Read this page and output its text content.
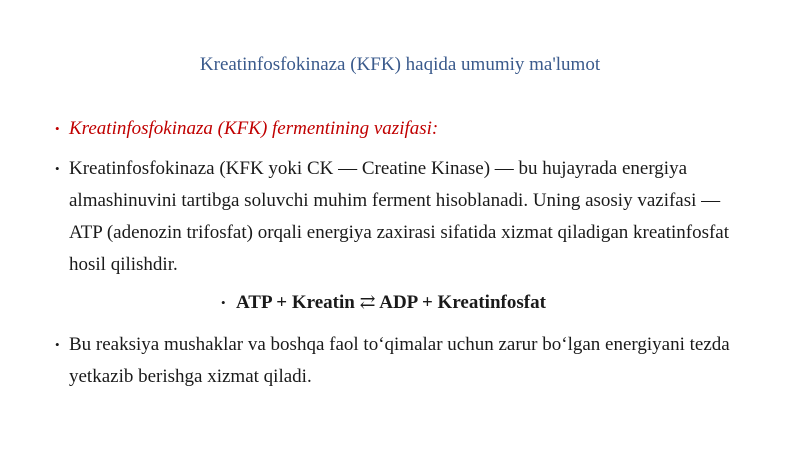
Kreatinfosfokinaza (KFK) haqida umumiy ma'lumot
• Kreatinfosfokinaza (KFK) fermentining vazifasi:
• Kreatinfosfokinaza (KFK yoki CK — Creatine Kinase) — bu hujayrada energiya almashinuvini tartibga soluvchi muhim ferment hisoblanadi. Uning asosiy vazifasi — ATP (adenozin trifosfat) orqali energiya zaxirasi sifatida xizmat qiladigan kreatinfosfat hosil qilishdir.
• ATP + Kreatin ⇄ ADP + Kreatinfosfat
• Bu reaksiya mushaklar va boshqa faol to‘qimalar uchun zarur bo‘lgan energiyani tezda yetkazib berishga xizmat qiladi.
